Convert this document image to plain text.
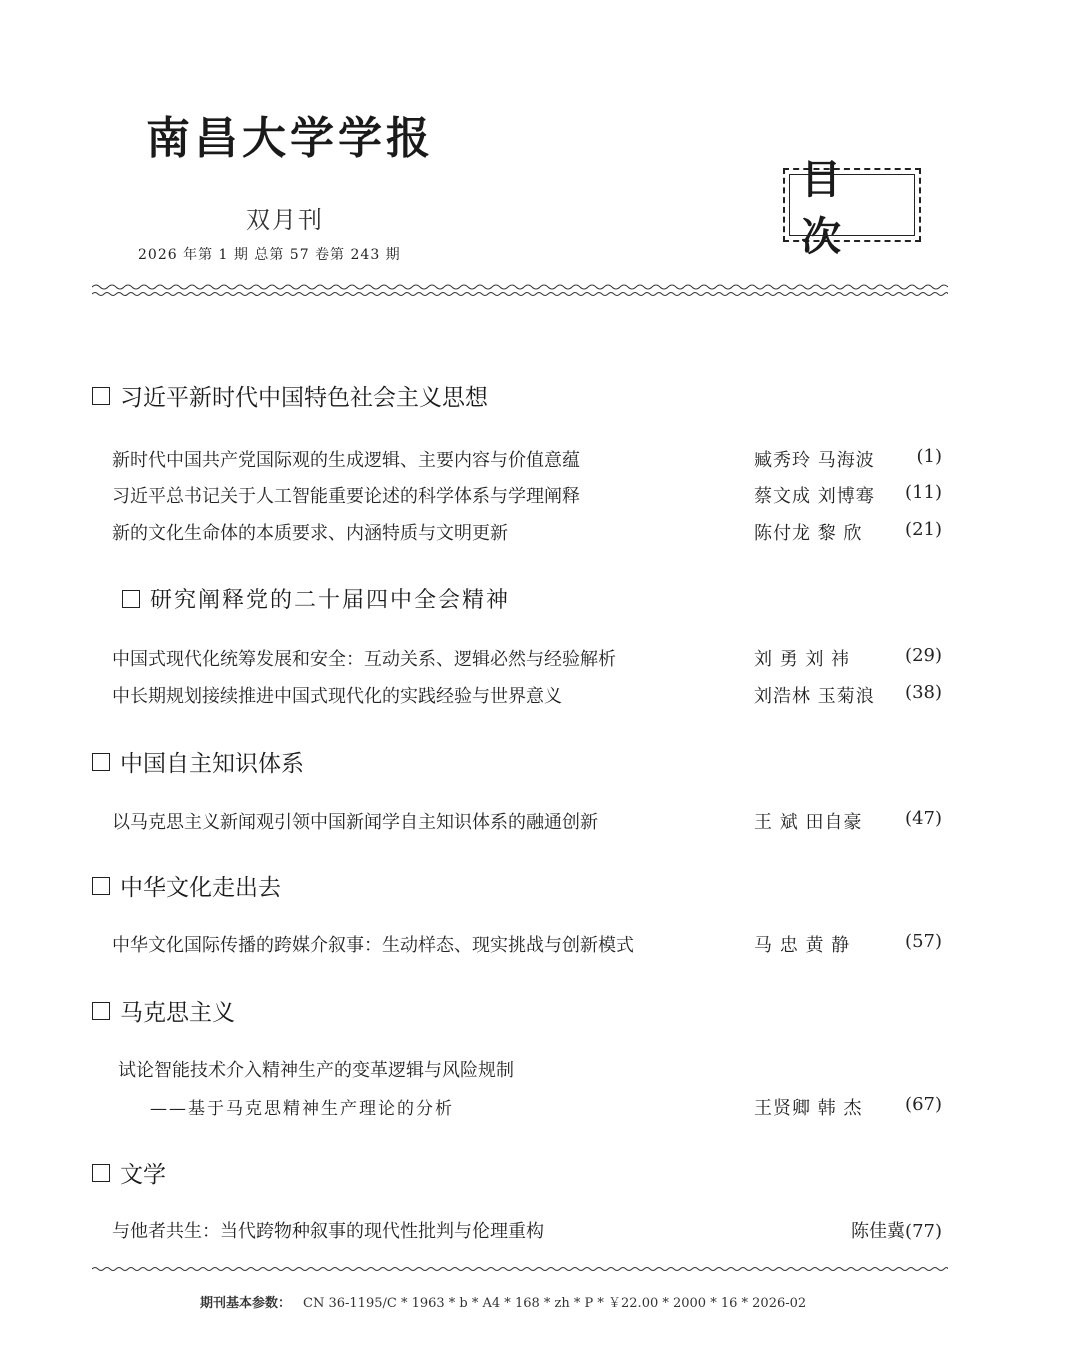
南昌大学学报
双月刊
2026 年第 1 期 总第 57 卷第 243 期
目 次
习近平新时代中国特色社会主义思想
新时代中国共产党国际观的生成逻辑、主要内容与价值意蕴	臧秀玲 马海波 (1)
习近平总书记关于人工智能重要论述的科学体系与学理阐释	蔡文成 刘博骞 (11)
新的文化生命体的本质要求、内涵特质与文明更新	陈付龙 黎 欣 (21)
研究阐释党的二十届四中全会精神
中国式现代化统筹发展和安全：互动关系、逻辑必然与经验解析	刘 勇 刘 祎	(29)
中长期规划接续推进中国式现代化的实践经验与世界意义	刘浩林 玉菊浪 (38)
中国自主知识体系
以马克思主义新闻观引领中国新闻学自主知识体系的融通创新	王 斌 田自豪 (47)
中华文化走出去
中华文化国际传播的跨媒介叙事：生动样态、现实挑战与创新模式	马 忠 黄 静	(57)
马克思主义
试论智能技术介入精神生产的变革逻辑与风险规制
——基于马克思精神生产理论的分析	王贤卿 韩 杰 (67)
文学
与他者共生：当代跨物种叙事的现代性批判与伦理重构	陈佳冀(77)
期刊基本参数： CN 36-1195/C * 1963 * b * A4 * 168 * zh * P * ￥22.00 * 2000 * 16 * 2026-02
